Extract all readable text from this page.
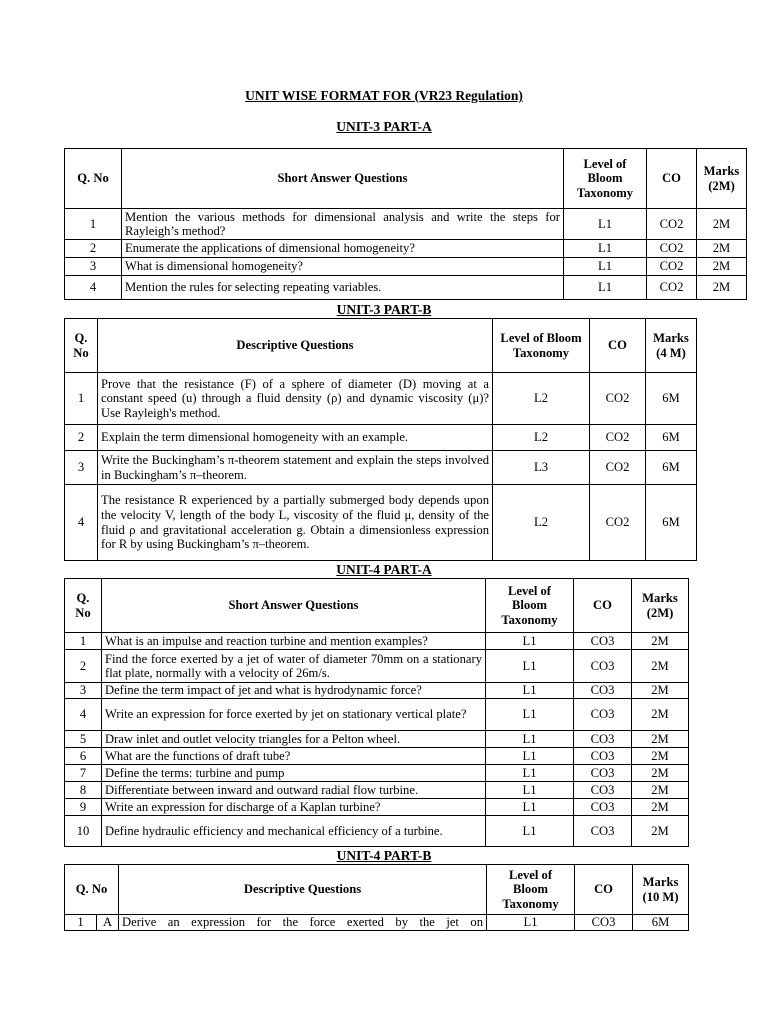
UNIT WISE FORMAT FOR (VR23 Regulation)
UNIT-3 PART-A
Q. No	Short Answer Questions	Level of Bloom Taxonomy	CO	Marks (2M)
1	Mention the various methods for dimensional analysis and write the steps for Rayleigh’s method?	L1	CO2	2M
2	Enumerate the applications of dimensional homogeneity?	L1	CO2	2M
3	What is dimensional homogeneity?	L1	CO2	2M
4	Mention the rules for selecting repeating variables.	L1	CO2	2M
UNIT-3 PART-B
Q. No	Descriptive Questions	Level of Bloom Taxonomy	CO	Marks (4 M)
1	Prove that the resistance (F) of a sphere of diameter (D) moving at a constant speed (u) through a fluid density (ρ) and dynamic viscosity (μ)? Use Rayleigh's method.	L2	CO2	6M
2	Explain the term dimensional homogeneity with an example.	L2	CO2	6M
3	Write the Buckingham’s π-theorem statement and explain the steps involved in Buckingham’s π–theorem.	L3	CO2	6M
4	The resistance R experienced by a partially submerged body depends upon the velocity V, length of the body L, viscosity of the fluid μ, density of the fluid ρ and gravitational acceleration g. Obtain a dimensionless expression for R by using Buckingham’s π–theorem.	L2	CO2	6M
UNIT-4 PART-A
Q. No	Short Answer Questions	Level of Bloom Taxonomy	CO	Marks (2M)
1	What is an impulse and reaction turbine and mention examples?	L1	CO3	2M
2	Find the force exerted by a jet of water of diameter 70mm on a stationary flat plate, normally with a velocity of 26m/s.	L1	CO3	2M
3	Define the term impact of jet and what is hydrodynamic force?	L1	CO3	2M
4	Write an expression for force exerted by jet on stationary vertical plate?	L1	CO3	2M
5	Draw inlet and outlet velocity triangles for a Pelton wheel.	L1	CO3	2M
6	What are the functions of draft tube?	L1	CO3	2M
7	Define the terms: turbine and pump	L1	CO3	2M
8	Differentiate between inward and outward radial flow turbine.	L1	CO3	2M
9	Write an expression for discharge of a Kaplan turbine?	L1	CO3	2M
10	Define hydraulic efficiency and mechanical efficiency of a turbine.	L1	CO3	2M
UNIT-4 PART-B
Q. No		Descriptive Questions	Level of Bloom Taxonomy	CO	Marks (10 M)
1	A	Derive an expression for the force exerted by the jet on	L1	CO3	6M
